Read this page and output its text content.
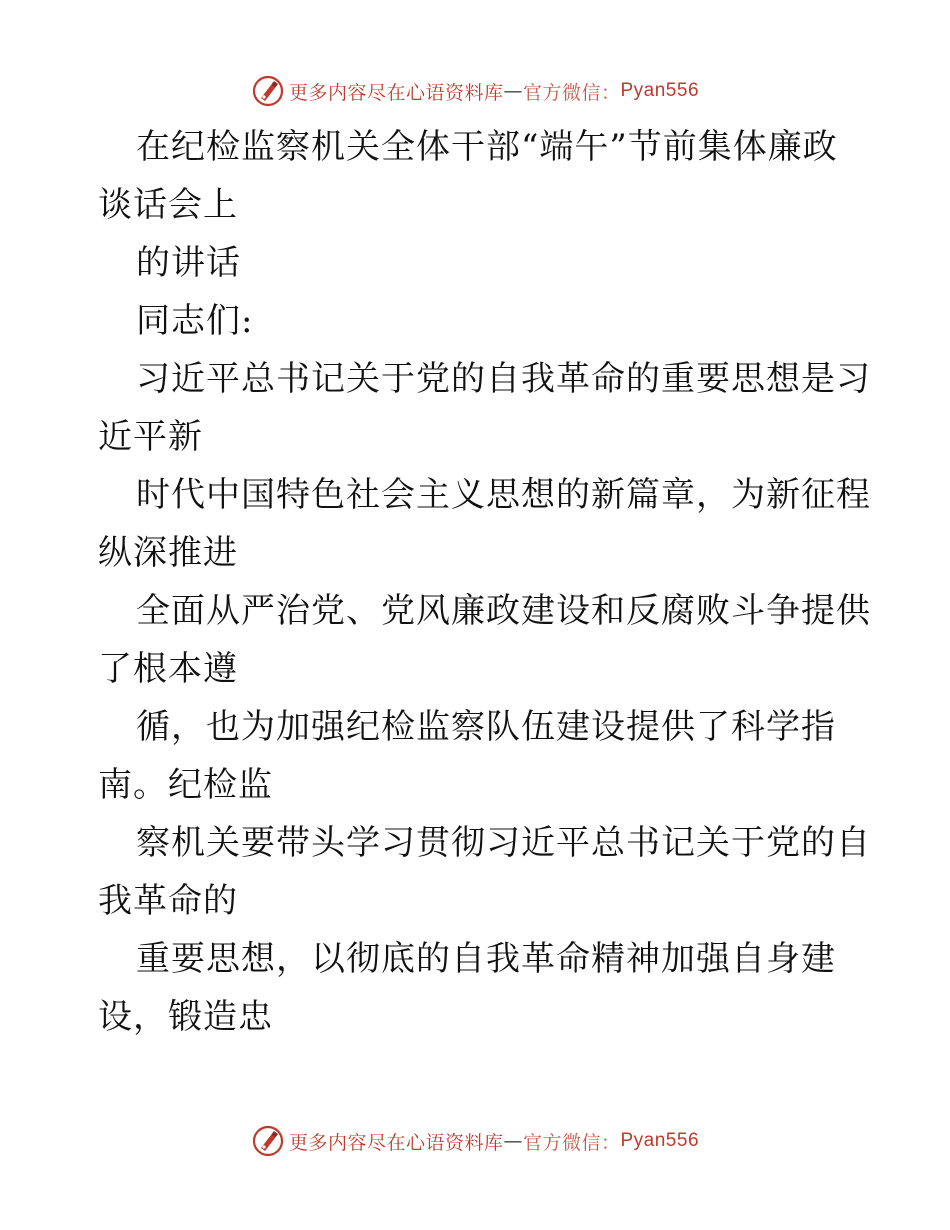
更多内容尽在心语资料库 — 官方微信： Pyan556
在纪检监察机关全体干部“端午”节前集体廉政
谈话会上
的讲话
同志们:
习近平总书记关于党的自我革命的重要思想是习
近平新
时代中国特色社会主义思想的新篇章，为新征程
纵深推进
全面从严治党、党风廉政建设和反腐败斗争提供
了根本遵
循，也为加强纪检监察队伍建设提供了科学指
南。纪检监
察机关要带头学习贯彻习近平总书记关于党的自
我革命的
重要思想，以彻底的自我革命精神加强自身建
设，锻造忠
更多内容尽在心语资料库 — 官方微信： Pyan556
